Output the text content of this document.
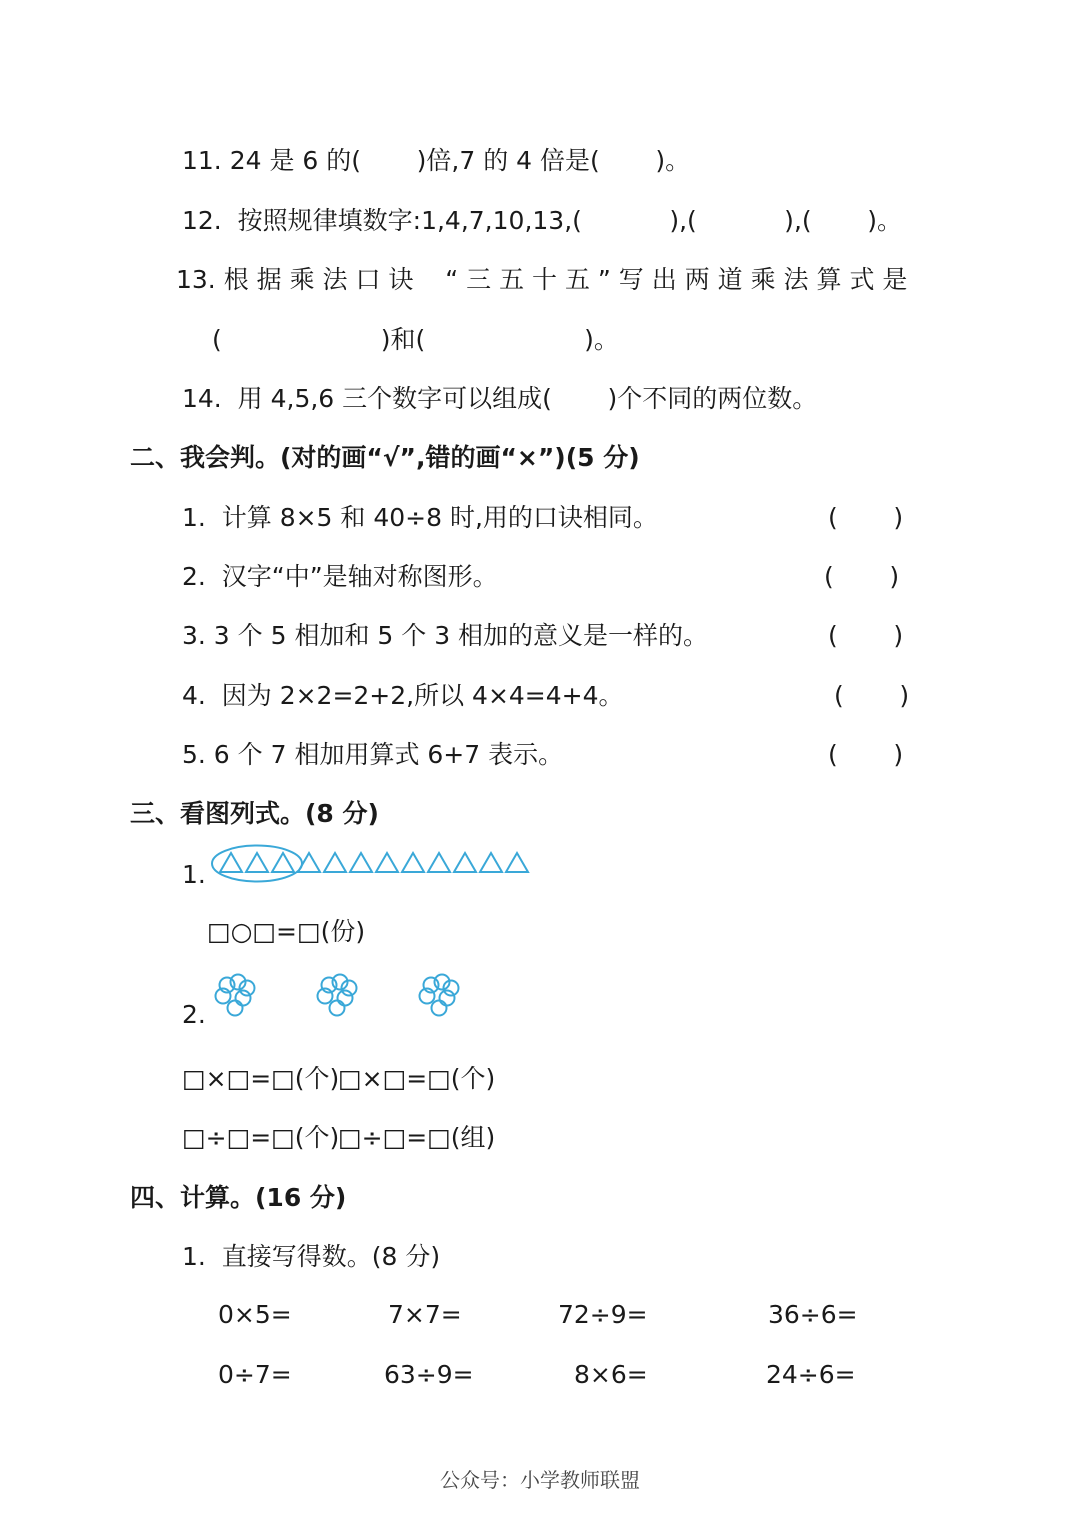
11. 24 是 6 的(       )倍,7 的 4 倍是(       )。
12.  按照规律填数字:1,4,7,10,13,(           ),(           ),(       )。
13. 根 据 乘 法 口 诀    “ 三 五 十 五 ” 写 出 两 道 乘 法 算 式 是
(                    )和(                    )。
14.  用 4,5,6 三个数字可以组成(       )个不同的两位数。
二、我会判。(对的画“√”,错的画“×”)(5 分)
1.  计算 8×5 和 40÷8 时,用的口诀相同。	(       )
2.  汉字“中”是轴对称图形。	(       )
3. 3 个 5 相加和 5 个 3 相加的意义是一样的。	(       )
4.  因为 2×2=2+2,所以 4×4=4+4。	(       )
5. 6 个 7 相加用算式 6+7 表示。	(       )
三、看图列式。(8 分)
1.
□○□=□(份)
2.
□×□=□(个)
□×□=□(个)
□÷□=□(个)
□÷□=□(组)
四、计算。(16 分)
1.  直接写得数。(8 分)
0×5=	7×7=	72÷9=	36÷6=
0÷7=	63÷9=	8×6=	24÷6=
公众号：小学教师联盟
